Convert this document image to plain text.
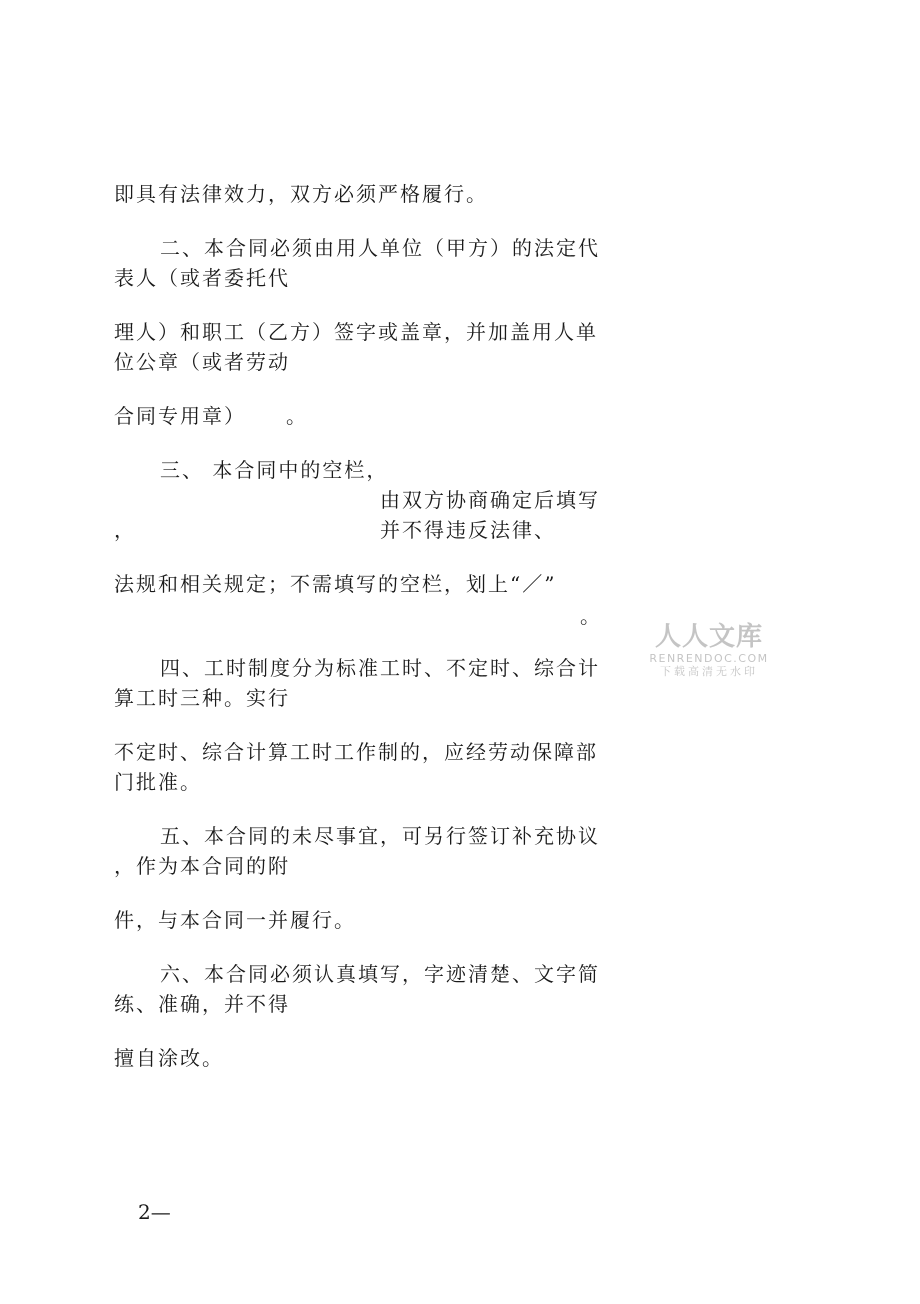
即具有法律效力，双方必须严格履行。
二、本合同必须由用人单位（甲方）的法定代
表人（或者委托代
理人）和职工（乙方）签字或盖章，并加盖用人单
位公章（或者劳动
合同专用章） 。
三、 本合同中的空栏，
由双方协商确定后填写
，	并不得违反法律、
法规和相关规定；不需填写的空栏，划上“／”
。
四、工时制度分为标准工时、不定时、综合计
算工时三种。实行
不定时、综合计算工时工作制的，应经劳动保障部
门批准。
五、本合同的未尽事宜，可另行签订补充协议
，作为本合同的附
件，与本合同一并履行。
六、本合同必须认真填写，字迹清楚、文字简
练、准确，并不得
擅自涂改。
2—
人人文库
RENRENDOC.COM
下载高清无水印
